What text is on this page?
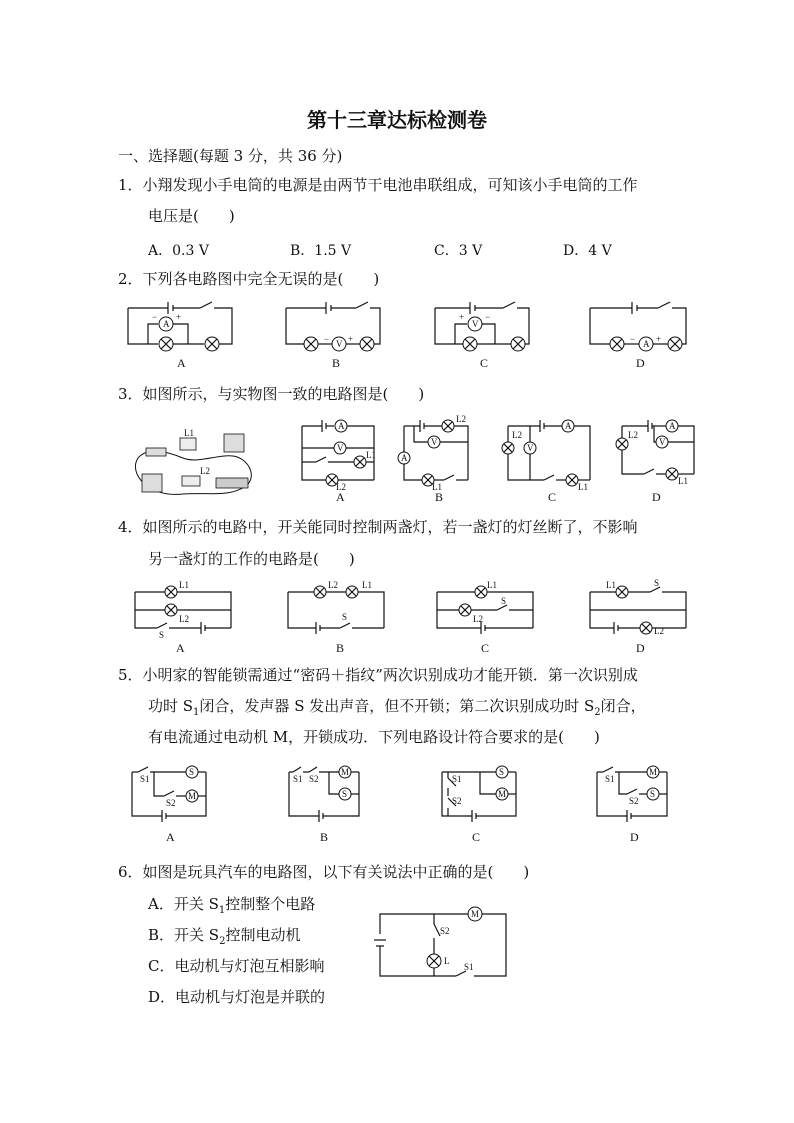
第十三章达标检测卷
一、选择题(每题 3 分，共 36 分)
1．小翔发现小手电筒的电源是由两节干电池串联组成，可知该小手电筒的工作
电压是(　　)
A．0.3 V	B．1.5 V	C．3 V	D．4 V
2．下列各电路图中完全无误的是(　　)
A
− +
A
V
− +
B
V
+ −
C
A
− +
D
3．如图所示，与实物图一致的电路图是(　　)
L1
L2
A
V
L1
L2
A
A
V
L2
L1
B
A
V
L2
L1
C
A
V
L2
L1
D
4．如图所示的电路中，开关能同时控制两盏灯，若一盏灯的灯丝断了，不影响
另一盏灯的工作的电路是(　　)
L1
L2
S
A
L2	L1
S
B
L1
L2
S
C
L1	S
L2
D
5．小明家的智能锁需通过“密码＋指纹”两次识别成功才能开锁．第一次识别成
功时 $S_1$闭合，发声器 S 发出声音，但不开锁；第二次识别成功时 $S_2$闭合，
有电流通过电动机 M，开锁成功．下列电路设计符合要求的是(　　)
S
M
S1
S2
A
M
S
S1 S2
B
S
M
S1
S2
C
M
S
S1
S2
D
6．如图是玩具汽车的电路图，以下有关说法中正确的是(　　)
A．开关 $S_1$控制整个电路
B．开关 $S_2$控制电动机
C．电动机与灯泡互相影响
D．电动机与灯泡是并联的
M
S2
L
S1
